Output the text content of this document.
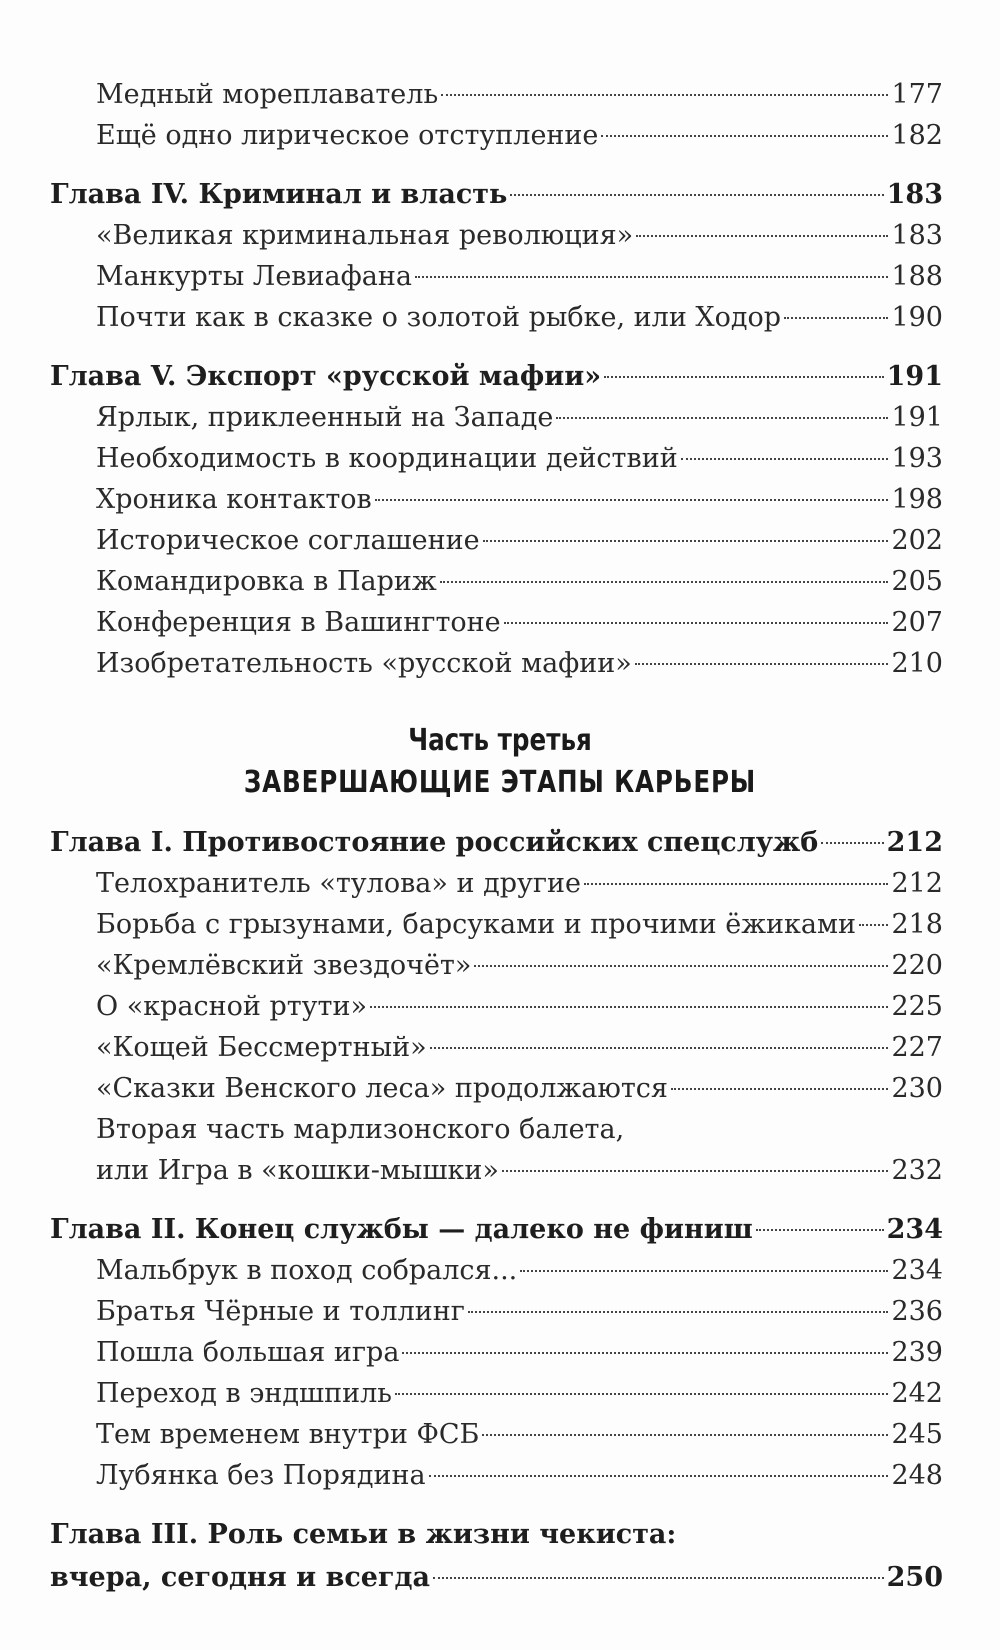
Медный мореплаватель	177
Ещё одно лирическое отступление	182
Глава IV. Криминал и власть	183
«Великая криминальная революция»	183
Манкурты Левиафана	188
Почти как в сказке о золотой рыбке, или Ходор	190
Глава V. Экспорт «русской мафии»	191
Ярлык, приклеенный на Западе	191
Необходимость в координации действий	193
Хроника контактов	198
Историческое соглашение	202
Командировка в Париж	205
Конференция в Вашингтоне	207
Изобретательность «русской мафии»	210
Глава I. Противостояние российских спецслужб	212
Телохранитель «тулова» и другие	212
Борьба с грызунами, барсуками и прочими ёжиками 218
«Кремлёвский звездочёт»	220
О «красной ртути»	225
«Кощей Бессмертный»	227
«Сказки Венского леса» продолжаются	230
Вторая часть марлизонского балета,
или Игра в «кошки-мышки»	232
Глава II. Конец службы — далеко не финиш	234
Мальбрук в поход собрался...	234
Братья Чёрные и толлинг	236
Пошла большая игра	239
Переход в эндшпиль	242
Тем временем внутри ФСБ	245
Лубянка без Порядина	248
Глава III. Роль семьи в жизни чекиста:
вчера, сегодня и всегда	250
Часть третья
ЗАВЕРШАЮЩИЕ ЭТАПЫ КАРЬЕРЫ
